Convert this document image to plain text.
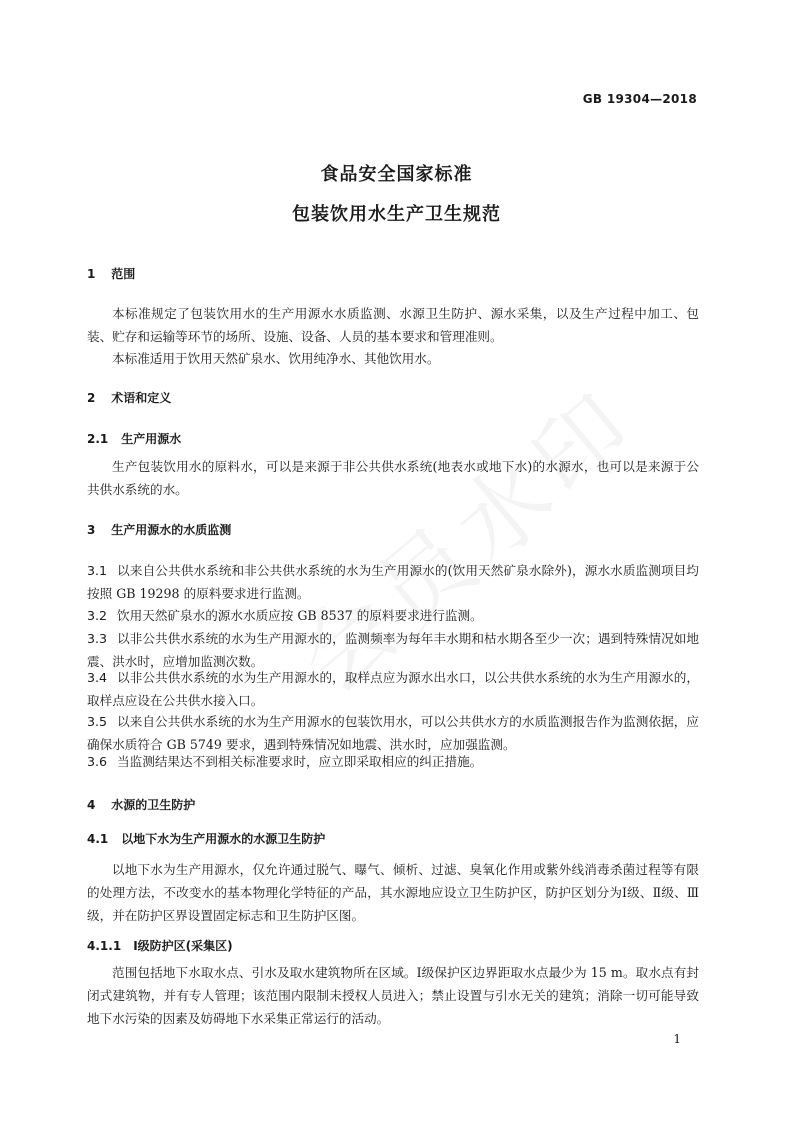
GB 19304—2018
食品安全国家标准
包装饮用水生产卫生规范
1 范围
本标准规定了包装饮用水的生产用源水水质监测、水源卫生防护、源水采集，以及生产过程中加工、包装、贮存和运输等环节的场所、设施、设备、人员的基本要求和管理准则。
本标准适用于饮用天然矿泉水、饮用纯净水、其他饮用水。
2 术语和定义
2.1 生产用源水
生产包装饮用水的原料水，可以是来源于非公共供水系统(地表水或地下水)的水源水，也可以是来源于公共供水系统的水。
3 生产用源水的水质监测
3.1 以来自公共供水系统和非公共供水系统的水为生产用源水的(饮用天然矿泉水除外)，源水水质监测项目均按照 GB 19298 的原料要求进行监测。
3.2 饮用天然矿泉水的源水水质应按 GB 8537 的原料要求进行监测。
3.3 以非公共供水系统的水为生产用源水的，监测频率为每年丰水期和枯水期各至少一次；遇到特殊情况如地震、洪水时，应增加监测次数。
3.4 以非公共供水系统的水为生产用源水的，取样点应为源水出水口，以公共供水系统的水为生产用源水的，取样点应设在公共供水接入口。
3.5 以来自公共供水系统的水为生产用源水的包装饮用水，可以公共供水方的水质监测报告作为监测依据，应确保水质符合 GB 5749 要求，遇到特殊情况如地震、洪水时，应加强监测。
3.6 当监测结果达不到相关标准要求时，应立即采取相应的纠正措施。
4 水源的卫生防护
4.1 以地下水为生产用源水的水源卫生防护
以地下水为生产用源水，仅允许通过脱气、曝气、倾析、过滤、臭氧化作用或紫外线消毒杀菌过程等有限的处理方法，不改变水的基本物理化学特征的产品，其水源地应设立卫生防护区，防护区划分为Ⅰ级、Ⅱ级、Ⅲ级，并在防护区界设置固定标志和卫生防护区图。
4.1.1 Ⅰ级防护区(采集区)
范围包括地下水取水点、引水及取水建筑物所在区域。Ⅰ级保护区边界距取水点最少为 15 m。取水点有封闭式建筑物，并有专人管理；该范围内限制未授权人员进入；禁止设置与引水无关的建筑；消除一切可能导致地下水污染的因素及妨碍地下水采集正常运行的活动。
1
